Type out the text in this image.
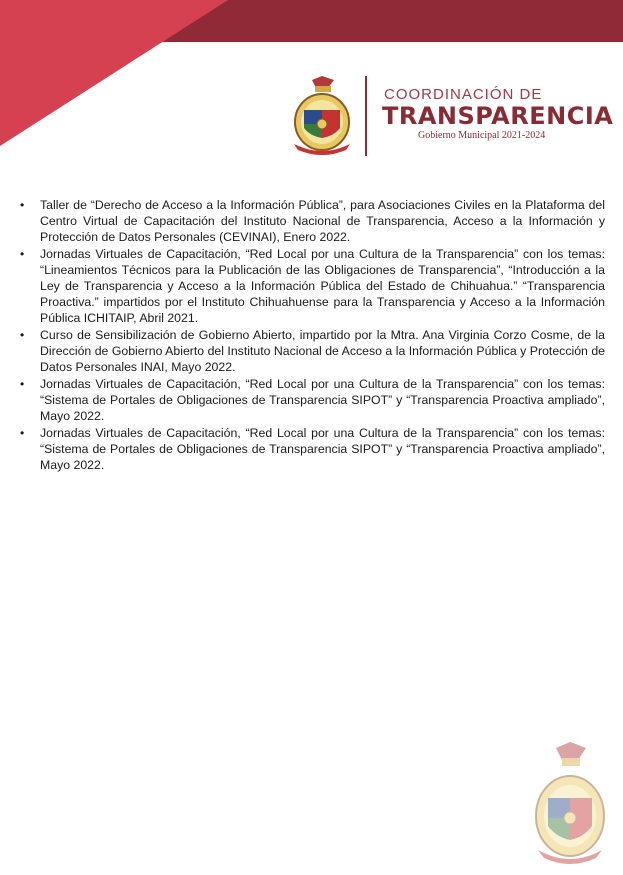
COORDINACIÓN DE
TRANSPARENCIA
Gobierno Municipal 2021-2024
• Taller de “Derecho de Acceso a la Información Pública”, para Asociaciones Civiles en la Plataforma del Centro Virtual de Capacitación del Instituto Nacional de Transparencia, Acceso a la Información y Protección de Datos Personales (CEVINAI), Enero 2022.
• Jornadas Virtuales de Capacitación, “Red Local por una Cultura de la Transparencia” con los temas: “Lineamientos Técnicos para la Publicación de las Obligaciones de Transparencia”, “Introducción a la Ley de Transparencia y Acceso a la Información Pública del Estado de Chihuahua.” “Transparencia Proactiva.” impartidos por el Instituto Chihuahuense para la Transparencia y Acceso a la Información Pública ICHITAIP, Abril 2021.
• Curso de Sensibilización de Gobierno Abierto, impartido por la Mtra. Ana Virginia Corzo Cosme, de la Dirección de Gobierno Abierto del Instituto Nacional de Acceso a la Información Pública y Protección de Datos Personales INAI, Mayo 2022.
• Jornadas Virtuales de Capacitación, “Red Local por una Cultura de la Transparencia” con los temas: “Sistema de Portales de Obligaciones de Transparencia SIPOT” y “Transparencia Proactiva ampliado”, Mayo 2022.
• Jornadas Virtuales de Capacitación, “Red Local por una Cultura de la Transparencia” con los temas: “Sistema de Portales de Obligaciones de Transparencia SIPOT” y “Transparencia Proactiva ampliado”, Mayo 2022.
